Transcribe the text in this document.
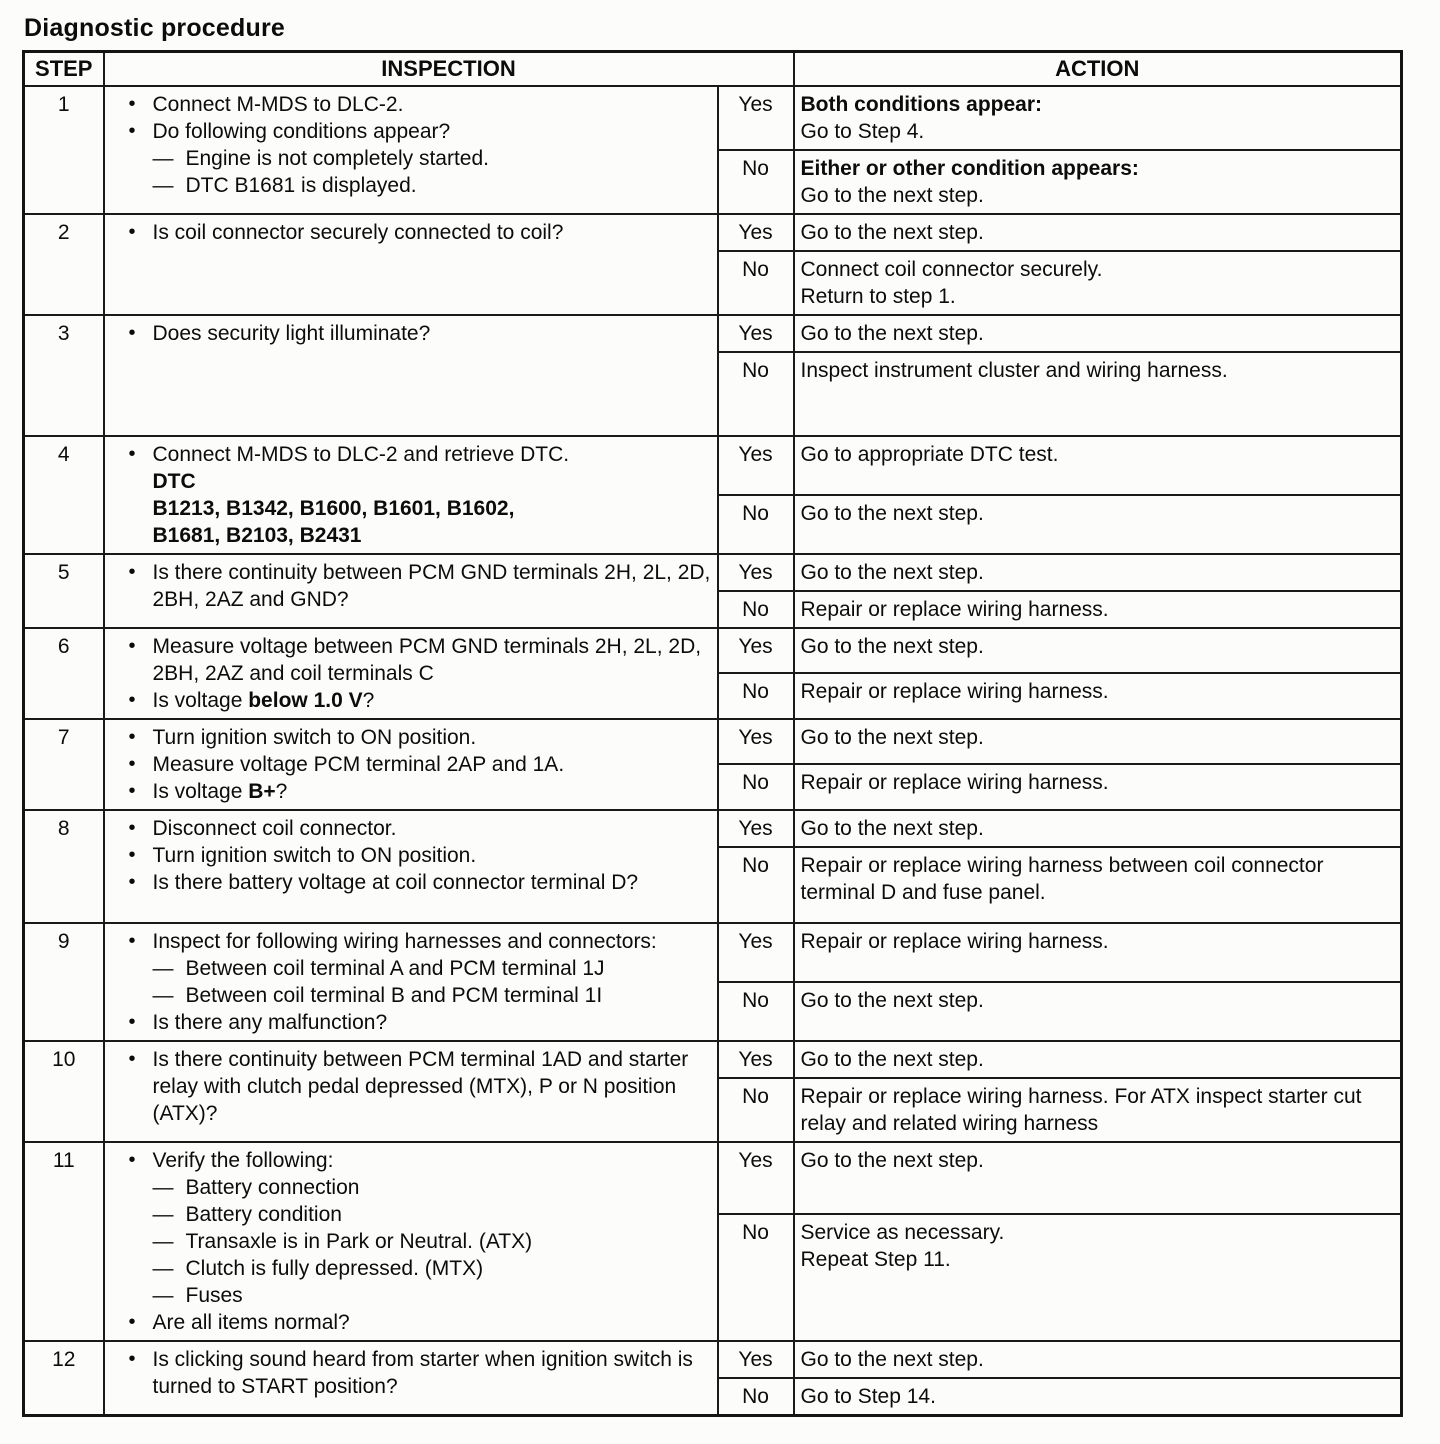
Diagnostic procedure
STEP	INSPECTION		ACTION
1	• Connect M-MDS to DLC-2.
• Do following conditions appear?
— Engine is not completely started.
— DTC B1681 is displayed.
	Yes	Both conditions appear:
Go to Step 4.

		No	Either or other condition appears:
Go to the next step.

2	• Is coil connector securely connected to coil?	Yes	Go to the next step.

		No	Connect coil connector securely.
Return to step 1.

3	• Does security light illuminate?	Yes	Go to the next step.

		No	Inspect instrument cluster and wiring harness.

4	• Connect M-MDS to DLC-2 and retrieve DTC.
DTC
B1213, B1342, B1600, B1601, B1602,
B1681, B2103, B2431	Yes	Go to appropriate DTC test.

		No	Go to the next step.

5	• Is there continuity between PCM GND terminals 2H, 2L, 2D, 2BH, 2AZ and GND?	Yes	Go to the next step.

		No	Repair or replace wiring harness.

6	• Measure voltage between PCM GND terminals 2H, 2L, 2D, 2BH, 2AZ and coil terminals C
• Is voltage below 1.0 V?	Yes	Go to the next step.

		No	Repair or replace wiring harness.

7	• Turn ignition switch to ON position.
• Measure voltage PCM terminal 2AP and 1A.
• Is voltage B+?
	Yes	Go to the next step.

		No	Repair or replace wiring harness.

8	• Disconnect coil connector.
• Turn ignition switch to ON position.
• Is there battery voltage at coil connector terminal D?
	Yes	Go to the next step.

		No	Repair or replace wiring harness between coil connector terminal D and fuse panel.

9	• Inspect for following wiring harnesses and connectors:
— Between coil terminal A and PCM terminal 1J
— Between coil terminal B and PCM terminal 1I
• Is there any malfunction?
	Yes	Repair or replace wiring harness.

		No	Go to the next step.

10	• Is there continuity between PCM terminal 1AD and starter relay with clutch pedal depressed (MTX), P or N position (ATX)?	Yes	Go to the next step.

		No	Repair or replace wiring harness. For ATX inspect starter cut relay and related wiring harness

11	• Verify the following:
— Battery connection
— Battery condition
— Transaxle is in Park or Neutral. (ATX)
— Clutch is fully depressed. (MTX)
— Fuses
• Are all items normal?
	Yes	Go to the next step.

		No	Service as necessary.
Repeat Step 11.

12	• Is clicking sound heard from starter when ignition switch is turned to START position?	Yes	Go to the next step.

		No	Go to Step 14.
